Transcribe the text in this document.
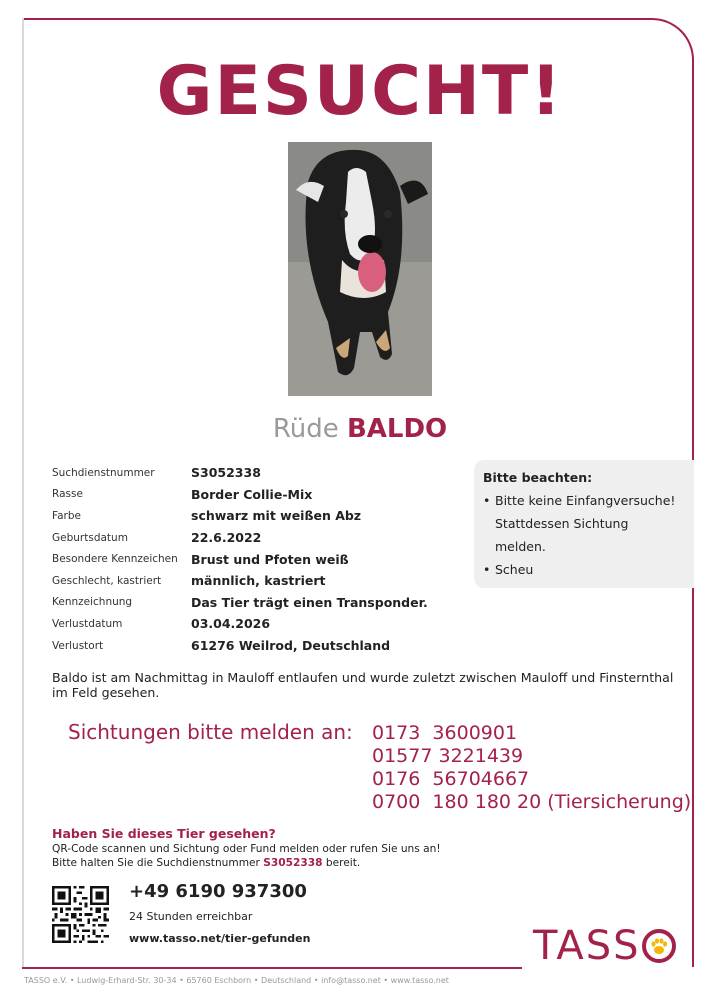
GESUCHT!
Rüde BALDO
Suchdienstnummer	S3052338
Rasse	Border Collie-Mix
Farbe	schwarz mit weißen Abz
Geburtsdatum	22.6.2022
Besondere Kennzeichen	Brust und Pfoten weiß
Geschlecht, kastriert	männlich, kastriert
Kennzeichnung	Das Tier trägt einen Transponder.
Verlustdatum	03.04.2026
Verlustort	61276 Weilrod, Deutschland
Bitte beachten:
• Bitte keine Einfangversuche!
Stattdessen Sichtung
melden.
• Scheu
Baldo ist am Nachmittag in Mauloff entlaufen und wurde zuletzt zwischen Mauloff und Finsternthal im Feld gesehen.
Sichtungen bitte melden an: 0173  3600901
01577 3221439
0176  56704667
0700  180 180 20 (Tiersicherung)
Haben Sie dieses Tier gesehen?
QR-Code scannen und Sichtung oder Fund melden oder rufen Sie uns an!
Bitte halten Sie die Suchdienstnummer S3052338 bereit.
+49 6190 937300
24 Stunden erreichbar
www.tasso.net/tier-gefunden	TASS
TASSO e.V. • Ludwig-Erhard-Str. 30-34 • 65760 Eschborn • Deutschland • info@tasso.net • www.tasso.net
